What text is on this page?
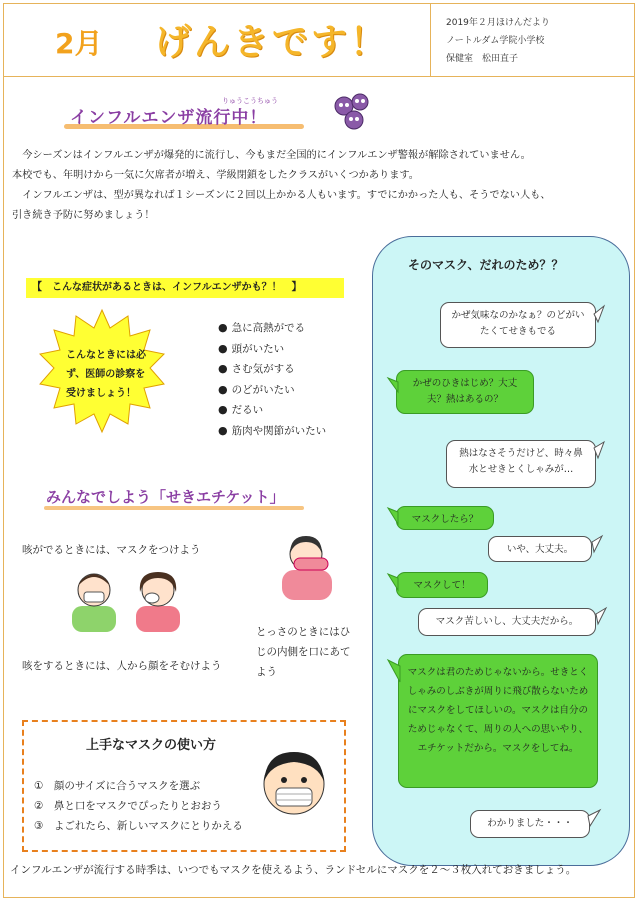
2月 げんきです！	2019年２月ほけんだより
ノートルダム学院小学校
保健室　松田直子
りゅうこうちゅう
インフルエンザ流行中！

今シーズンはインフルエンザが爆発的に流行し、今もまだ全国的にインフルエンザ警報が解除されていません。

本校でも、年明けから一気に欠席者が増え、学級閉鎖をしたクラスがいくつかあります。

　インフルエンザは、型が異なれば１シーズンに２回以上かかる人もいます。すでにかかった人も、そうでない人も、

引き続き予防に努めましょう！

【　こんな症状があるときは、インフルエンザかも？！　】
こんなときには必ず、医師の診察を受けましょう！
● 急に高熱がでる
● 頭がいたい
● さむ気がする
● のどがいたい
● だるい
● 筋肉や関節がいたい
みんなでしよう「せきエチケット」
咳がでるときには、マスクをつけよう
咳をするときには、人から顔をそむけよう
とっさのときにはひじの内側を口にあてよう
上手なマスクの使い方
①　顔のサイズに合うマスクを選ぶ
②　鼻と口をマスクでぴったりとおおう
③　よごれたら、新しいマスクにとりかえる
そのマスク、だれのため？？
かぜ気味なのかなぁ？のどがいたくてせきもでる
かぜのひきはじめ？大丈夫？熱はあるの？
熱はなさそうだけど、時々鼻水とせきとくしゃみが…
マスクしたら？
いや、大丈夫。
マスクして！
マスク苦しいし、大丈夫だから。
マスクは君のためじゃないから。せきとくしゃみのしぶきが周りに飛び散らないためにマスクをしてほしいの。マスクは自分のためじゃなくて、周りの人への思いやり、エチケットだから。マスクをしてね。
わかりました・・・
インフルエンザが流行する時季は、いつでもマスクを使えるよう、ランドセルにマスクを２～３枚入れておきましょう。
